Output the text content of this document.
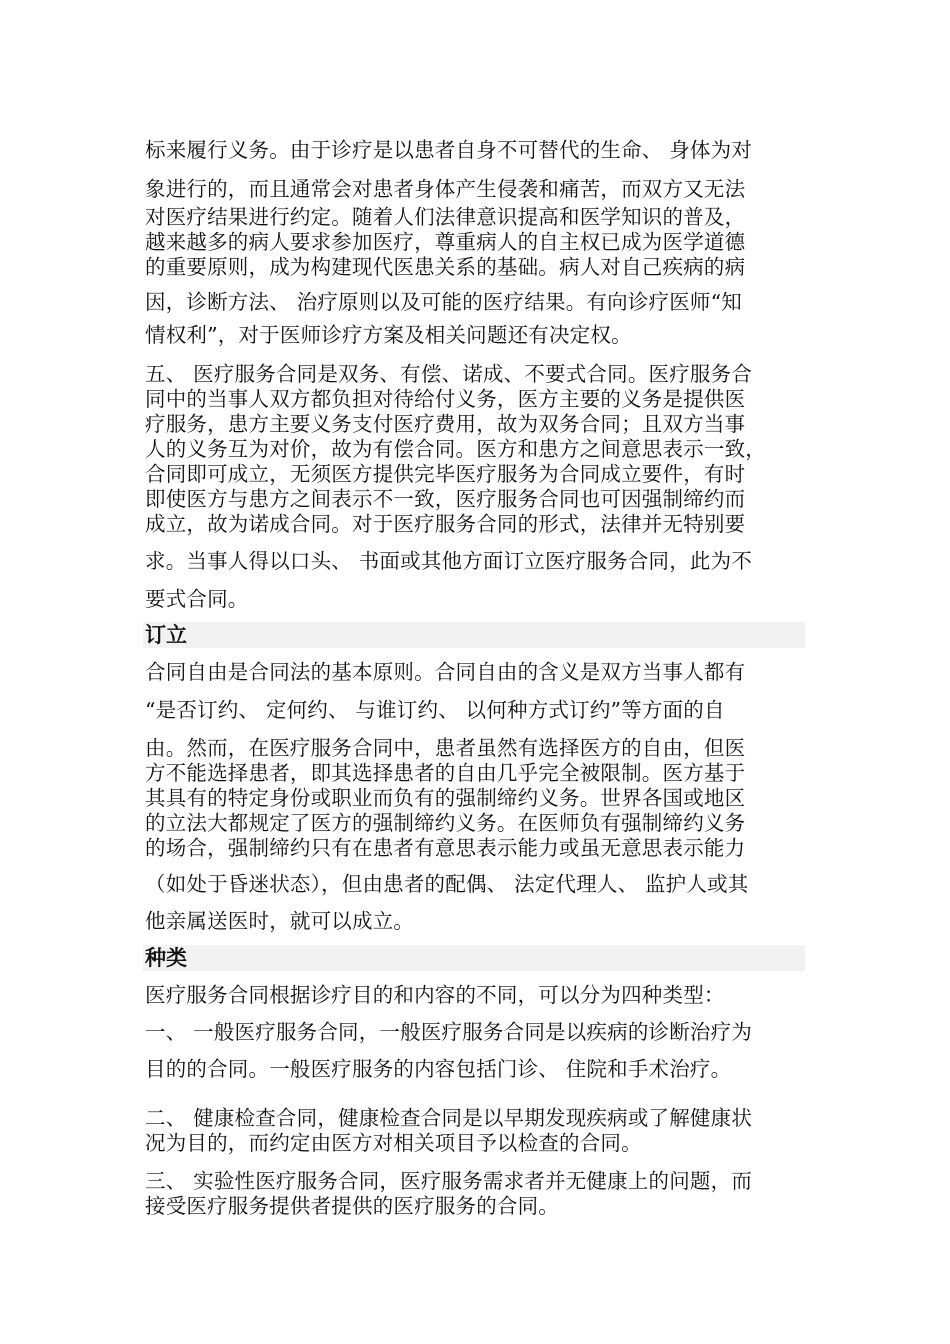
标来履行义务。由于诊疗是以患者自身不可替代的生命、 身体为对
象进行的，而且通常会对患者身体产生侵袭和痛苦，而双方又无法
对医疗结果进行约定。随着人们法律意识提高和医学知识的普及，
越来越多的病人要求参加医疗，尊重病人的自主权已成为医学道德
的重要原则，成为构建现代医患关系的基础。病人对自己疾病的病
因，诊断方法、 治疗原则以及可能的医疗结果。有向诊疗医师“知
情权利”，对于医师诊疗方案及相关问题还有决定权。
五、 医疗服务合同是双务、有偿、诺成、不要式合同。医疗服务合
同中的当事人双方都负担对待给付义务，医方主要的义务是提供医
疗服务，患方主要义务支付医疗费用，故为双务合同；且双方当事
人的义务互为对价，故为有偿合同。医方和患方之间意思表示一致，
合同即可成立，无须医方提供完毕医疗服务为合同成立要件，有时
即使医方与患方之间表示不一致，医疗服务合同也可因强制缔约而
成立，故为诺成合同。对于医疗服务合同的形式，法律并无特别要
求。当事人得以口头、 书面或其他方面订立医疗服务合同，此为不
要式合同。
订立
合同自由是合同法的基本原则。合同自由的含义是双方当事人都有
“是否订约、 定何约、 与谁订约、 以何种方式订约”等方面的自
由。然而，在医疗服务合同中，患者虽然有选择医方的自由，但医
方不能选择患者，即其选择患者的自由几乎完全被限制。医方基于
其具有的特定身份或职业而负有的强制缔约义务。世界各国或地区
的立法大都规定了医方的强制缔约义务。在医师负有强制缔约义务
的场合，强制缔约只有在患者有意思表示能力或虽无意思表示能力
（如处于昏迷状态），但由患者的配偶、 法定代理人、 监护人或其
他亲属送医时，就可以成立。
种类
医疗服务合同根据诊疗目的和内容的不同，可以分为四种类型：
一、 一般医疗服务合同，一般医疗服务合同是以疾病的诊断治疗为
目的的合同。一般医疗服务的内容包括门诊、 住院和手术治疗。
二、 健康检查合同，健康检查合同是以早期发现疾病或了解健康状
况为目的，而约定由医方对相关项目予以检查的合同。
三、 实验性医疗服务合同，医疗服务需求者并无健康上的问题，而
接受医疗服务提供者提供的医疗服务的合同。
